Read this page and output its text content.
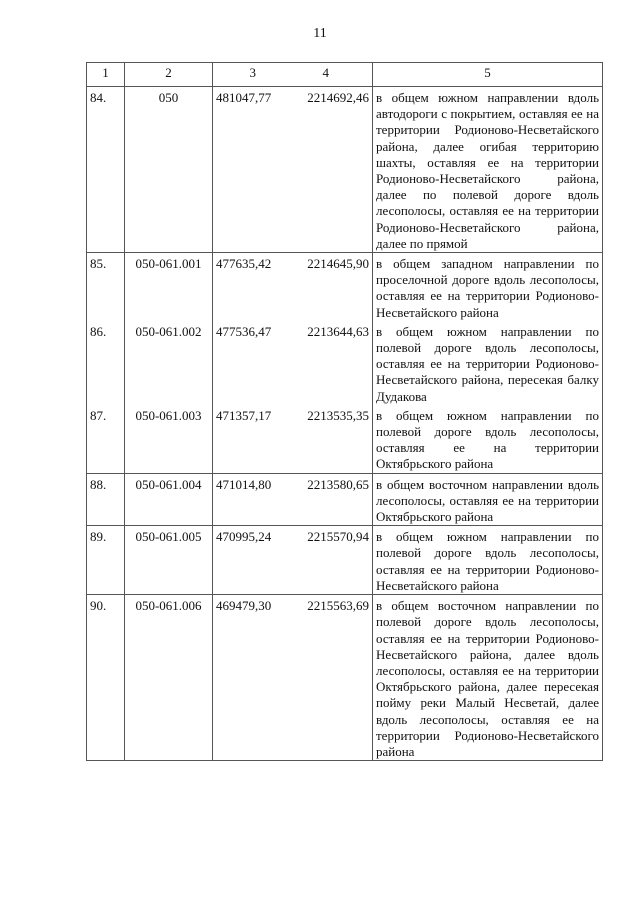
11
1	2	3	4	5
84.	050	481047,77	2214692,46	в общем южном направлении вдоль автодороги с покрытием, оставляя ее на территории Родионово-Несветайского района, далее огибая территорию шахты, оставляя ее на территории Родионово-Несветайского района, далее по полевой дороге вдоль лесополосы, оставляя ее на территории Родионово-Несветайского района, далее по прямой
85.	050-061.001	477635,42	2214645,90	в общем западном направлении по проселочной дороге вдоль лесополосы, оставляя ее на территории Родионово-Несветайского района
86.	050-061.002	477536,47	2213644,63	в общем южном направлении по полевой дороге вдоль лесополосы, оставляя ее на территории Родионово-Несветайского района, пересекая балку Дудакова
87.	050-061.003	471357,17	2213535,35	в общем южном направлении по полевой дороге вдоль лесополосы, оставляя ее на территории Октябрьского района
88.	050-061.004	471014,80	2213580,65	в общем восточном направлении вдоль лесополосы, оставляя ее на территории Октябрьского района
89.	050-061.005	470995,24	2215570,94	в общем южном направлении по полевой дороге вдоль лесополосы, оставляя ее на территории Родионово-Несветайского района
90.	050-061.006	469479,30	2215563,69	в общем восточном направлении по полевой дороге вдоль лесополосы, оставляя ее на территории Родионово-Несветайского района, далее вдоль лесополосы, оставляя ее на территории Октябрьского района, далее пересекая пойму реки Малый Несветай, далее вдоль лесополосы, оставляя ее на территории Родионово-Несветайского района
